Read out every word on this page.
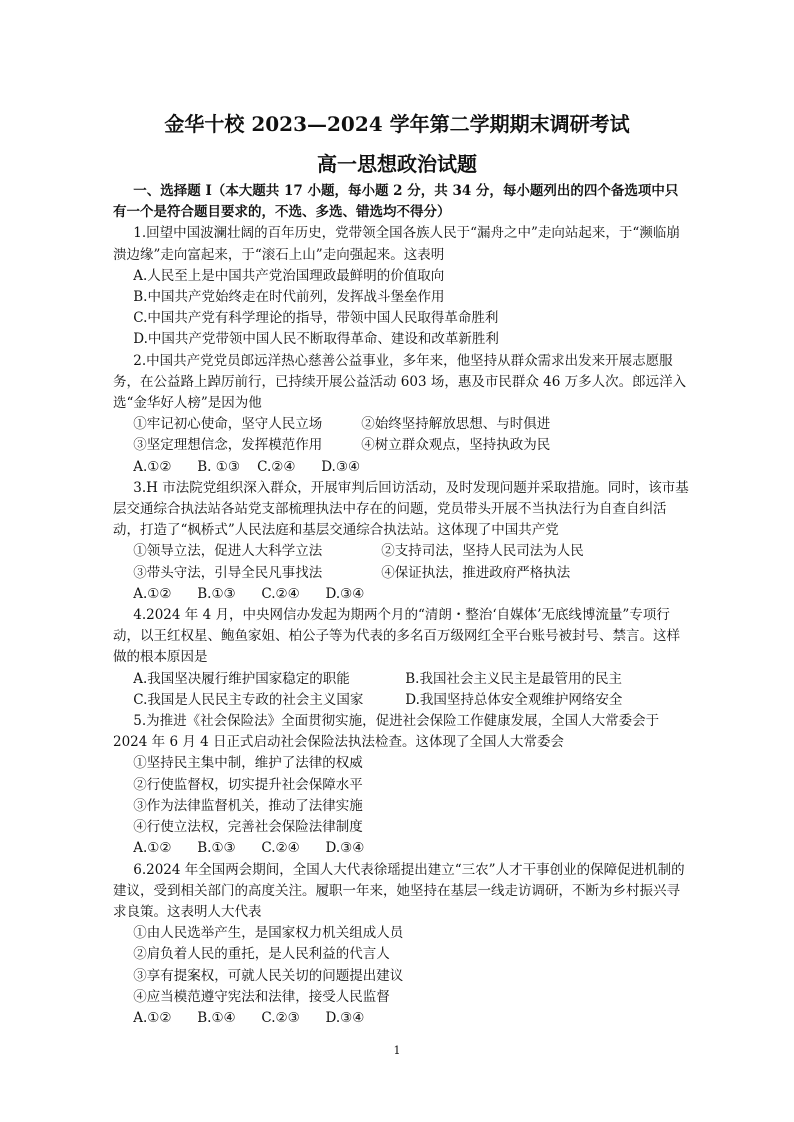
金华十校 2023—2024 学年第二学期期末调研考试
高一思想政治试题

一、选择题 I（本大题共 17 小题，每小题 2 分，共 34 分，每小题列出的四个备选项中只有一个是符合题目要求的，不选、多选、错选均不得分）

1.回望中国波澜壮阔的百年历史，党带领全国各族人民于“漏舟之中”走向站起来，于“濒临崩溃边缘”走向富起来，于“滚石上山”走向强起来。这表明

A.人民至上是中国共产党治国理政最鲜明的价值取向

B.中国共产党始终走在时代前列，发挥战斗堡垒作用

C.中国共产党有科学理论的指导，带领中国人民取得革命胜利

D.中国共产党带领中国人民不断取得革命、建设和改革新胜利

2.中国共产党党员郎远洋热心慈善公益事业，多年来，他坚持从群众需求出发来开展志愿服务，在公益路上踔厉前行，已持续开展公益活动 603 场，惠及市民群众 46 万多人次。郎远洋入选“金华好人榜”是因为他

①牢记初心使命，坚守人民立场	②始终坚持解放思想、与时俱进
③坚定理想信念，发挥模范作用	④树立群众观点，坚持执政为民

A.①②      B. ①③    C.②④      D.③④

3.H 市法院党组织深入群众，开展审判后回访活动，及时发现问题并采取措施。同时，该市基层交通综合执法站各站党支部梳理执法中存在的问题，党员带头开展不当执法行为自查自纠活动，打造了“枫桥式”人民法庭和基层交通综合执法站。这体现了中国共产党

①领导立法，促进人大科学立法	②支持司法，坚持人民司法为人民
③带头守法，引导全民凡事找法	④保证执法，推进政府严格执法

A.①②      B.①③      C.②④      D.③④

4.2024 年 4 月，中央网信办发起为期两个月的“清朗・整治‘自媒体’无底线博流量”专项行动，以王红权星、鲍鱼家姐、柏公子等为代表的多名百万级网红全平台账号被封号、禁言。这样做的根本原因是

A.我国坚决履行维护国家稳定的职能	B.我国社会主义民主是最管用的民主
C.我国是人民民主专政的社会主义国家	D.我国坚持总体安全观维护网络安全

5.为推进《社会保险法》全面贯彻实施，促进社会保险工作健康发展，全国人大常委会于 2024 年 6 月 4 日正式启动社会保险法执法检查。这体现了全国人大常委会

①坚持民主集中制，维护了法律的权威

②行使监督权，切实提升社会保障水平

③作为法律监督机关，推动了法律实施

④行使立法权，完善社会保险法律制度

A.①②      B.①③      C.②④      D.③④

6.2024 年全国两会期间，全国人大代表徐瑶提出建立“三农”人才干事创业的保障促进机制的建议，受到相关部门的高度关注。履职一年来，她坚持在基层一线走访调研，不断为乡村振兴寻求良策。这表明人大代表

①由人民选举产生，是国家权力机关组成人员

②肩负着人民的重托，是人民利益的代言人

③享有提案权，可就人民关切的问题提出建议

④应当模范遵守宪法和法律，接受人民监督

A.①②      B.①④      C.②③      D.③④

1
